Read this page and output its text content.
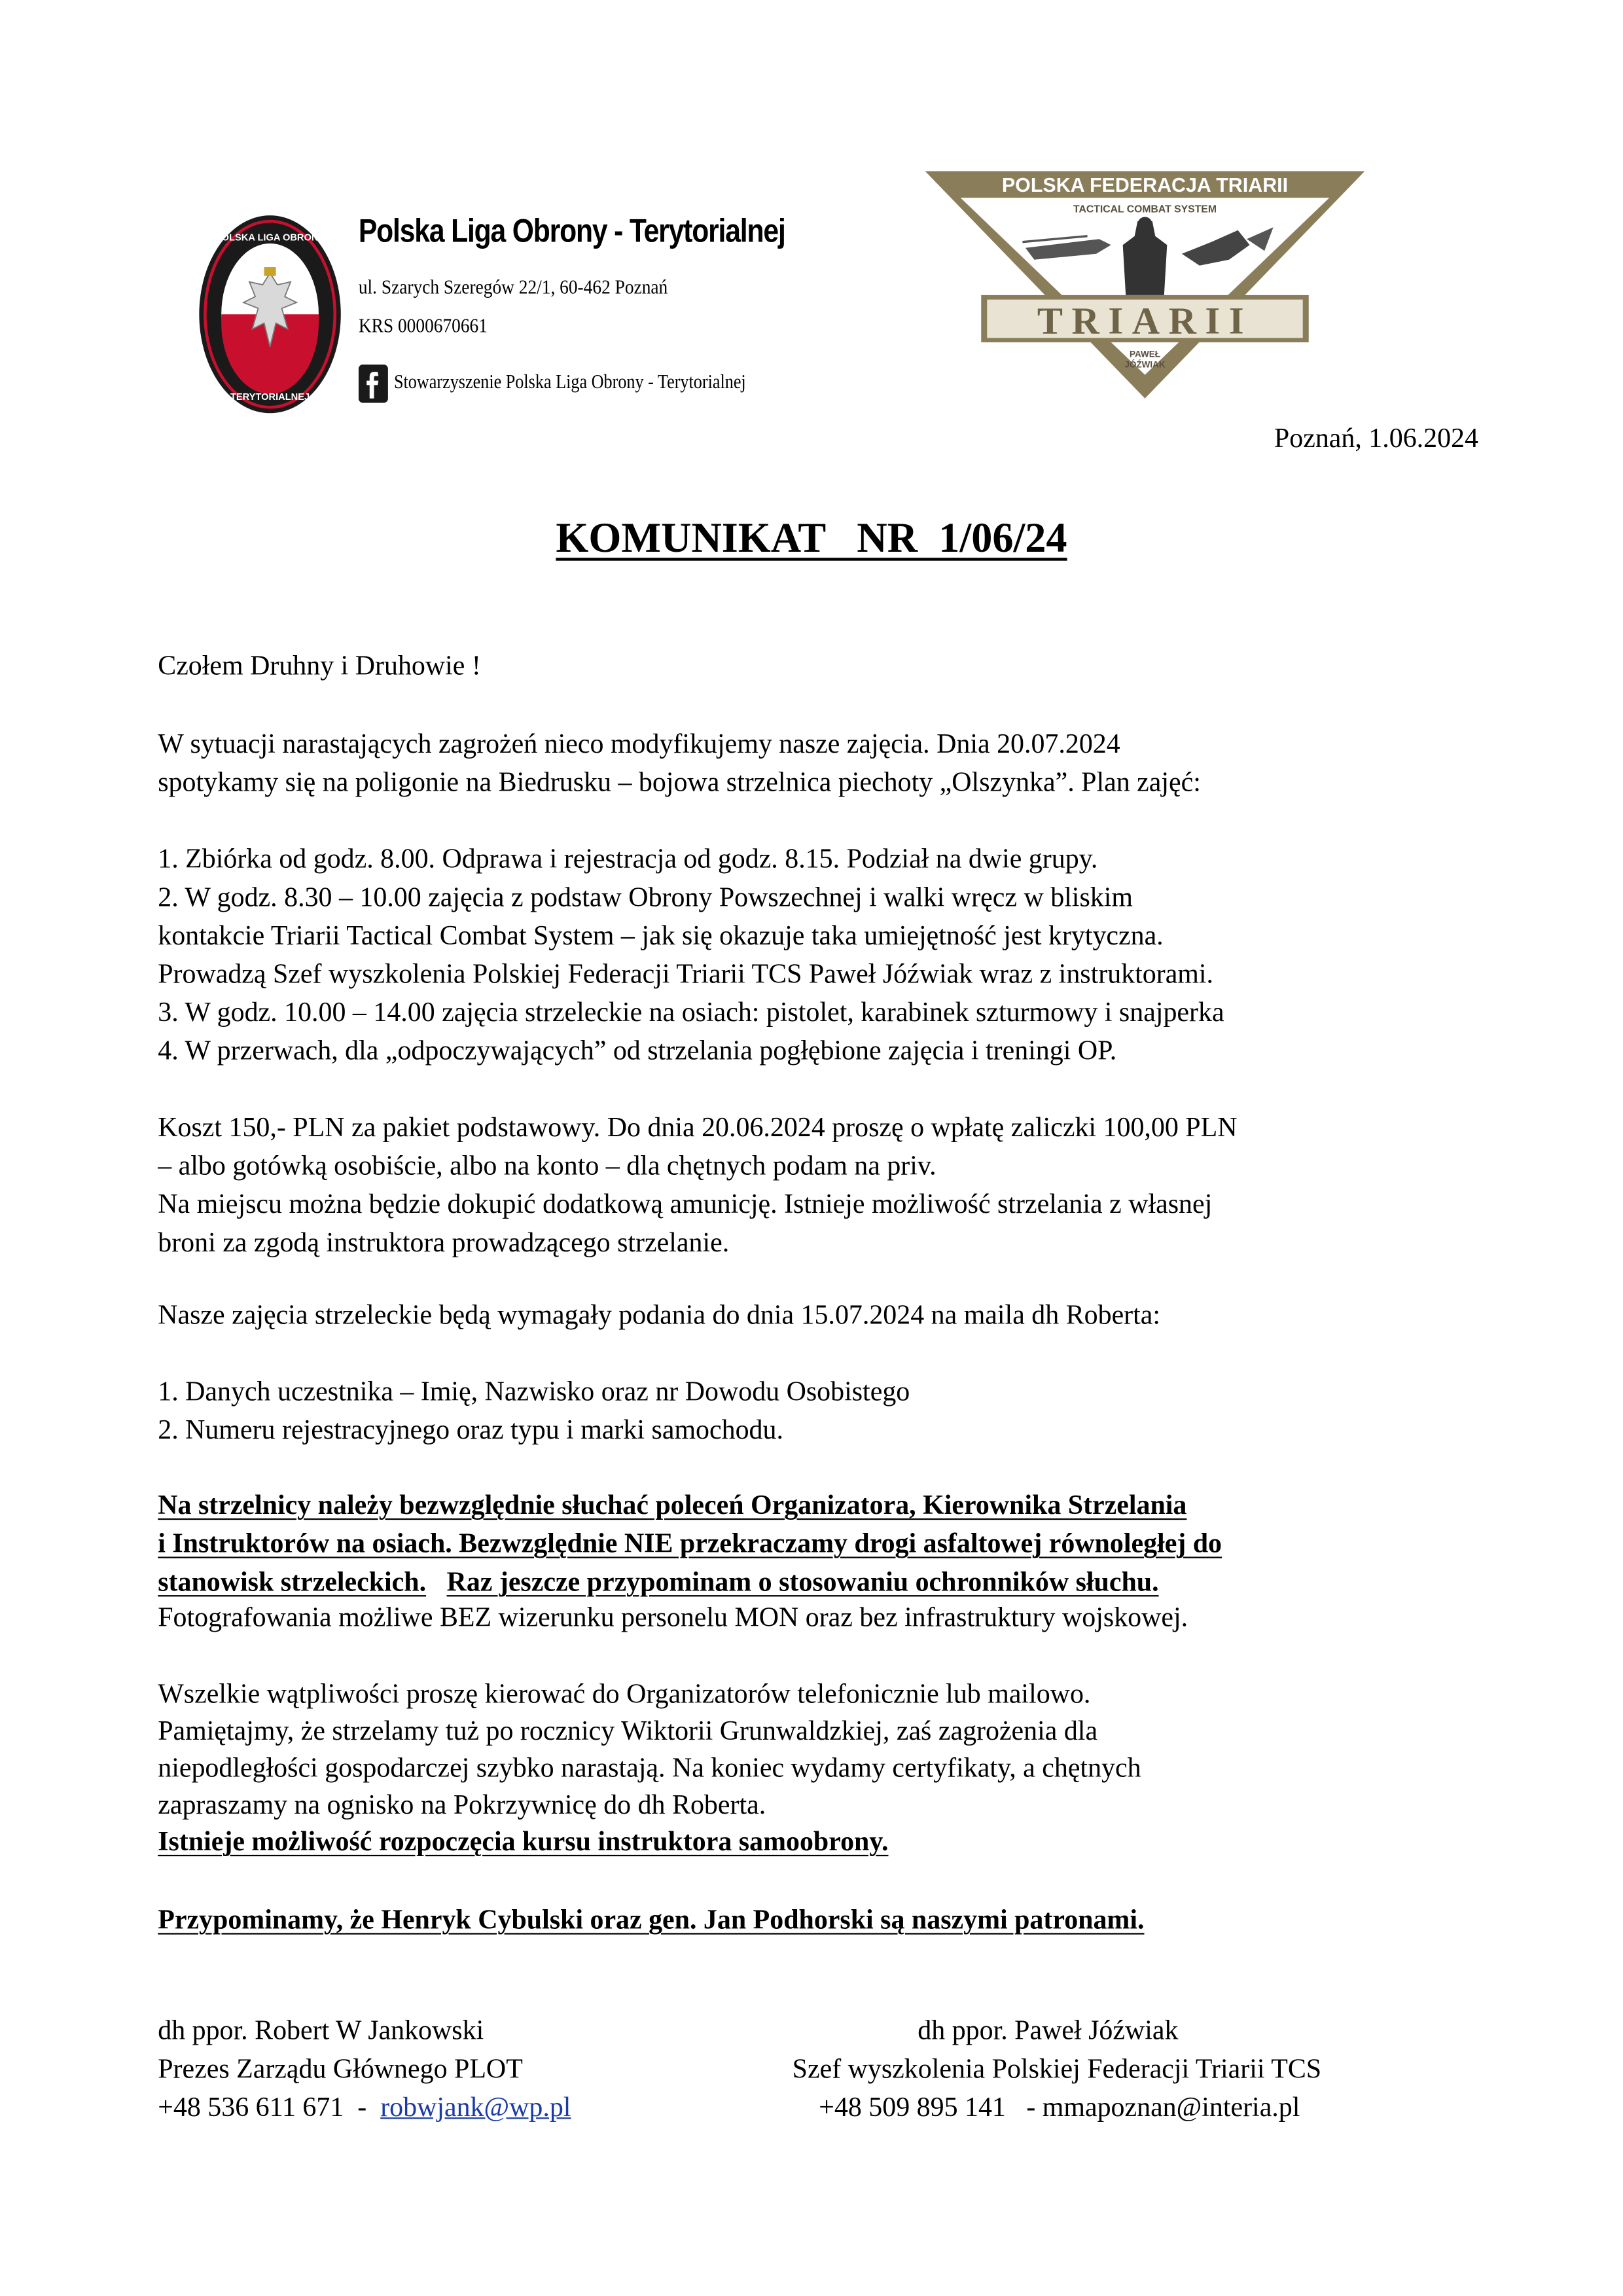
POLSKA LIGA OBRONY
TERYTORIALNEJ
Polska Liga Obrony - Terytorialnej
ul. Szarych Szeregów 22/1, 60-462 Poznań
KRS 0000670661
Stowarzyszenie Polska Liga Obrony - Terytorialnej
POLSKA FEDERACJA TRIARII
TACTICAL COMBAT SYSTEM
TRIARII
PAWEŁ
JÓŹWIAK
Poznań, 1.06.2024
KOMUNIKAT   NR  1/06/24
Czołem Druhny i Druhowie !
W sytuacji narastających zagrożeń nieco modyfikujemy nasze zajęcia. Dnia 20.07.2024
spotykamy się na poligonie na Biedrusku – bojowa strzelnica piechoty „Olszynka”. Plan zajęć:
1. Zbiórka od godz. 8.00. Odprawa i rejestracja od godz. 8.15. Podział na dwie grupy.
2. W godz. 8.30 – 10.00 zajęcia z podstaw Obrony Powszechnej i walki wręcz w bliskim
kontakcie Triarii Tactical Combat System – jak się okazuje taka umiejętność jest krytyczna.
Prowadzą Szef wyszkolenia Polskiej Federacji Triarii TCS Paweł Jóźwiak wraz z instruktorami.
3. W godz. 10.00 – 14.00 zajęcia strzeleckie na osiach: pistolet, karabinek szturmowy i snajperka
4. W przerwach, dla „odpoczywających” od strzelania pogłębione zajęcia i treningi OP.
Koszt 150,- PLN za pakiet podstawowy. Do dnia 20.06.2024 proszę o wpłatę zaliczki 100,00 PLN
– albo gotówką osobiście, albo na konto – dla chętnych podam na priv.
Na miejscu można będzie dokupić dodatkową amunicję. Istnieje możliwość strzelania z własnej
broni za zgodą instruktora prowadzącego strzelanie.
Nasze zajęcia strzeleckie będą wymagały podania do dnia 15.07.2024 na maila dh Roberta:
1. Danych uczestnika – Imię, Nazwisko oraz nr Dowodu Osobistego
2. Numeru rejestracyjnego oraz typu i marki samochodu.
Na strzelnicy należy bezwzględnie słuchać poleceń Organizatora, Kierownika Strzelania
i Instruktorów na osiach. Bezwzględnie NIE przekraczamy drogi asfaltowej równoległej do
stanowisk strzeleckich. Raz jeszcze przypominam o stosowaniu ochronników słuchu.
Fotografowania możliwe BEZ wizerunku personelu MON oraz bez infrastruktury wojskowej.
Wszelkie wątpliwości proszę kierować do Organizatorów telefonicznie lub mailowo.
Pamiętajmy, że strzelamy tuż po rocznicy Wiktorii Grunwaldzkiej, zaś zagrożenia dla
niepodległości gospodarczej szybko narastają. Na koniec wydamy certyfikaty, a chętnych
zapraszamy na ognisko na Pokrzywnicę do dh Roberta.
Istnieje możliwość rozpoczęcia kursu instruktora samoobrony.
Przypominamy, że Henryk Cybulski oraz gen. Jan Podhorski są naszymi patronami.
dh ppor. Robert W Jankowski
Prezes Zarządu Głównego PLOT
+48 536 611 671  -  robwjank@wp.pl
dh ppor. Paweł Jóźwiak
Szef wyszkolenia Polskiej Federacji Triarii TCS
+48 509 895 141   - mmapoznan@interia.pl
